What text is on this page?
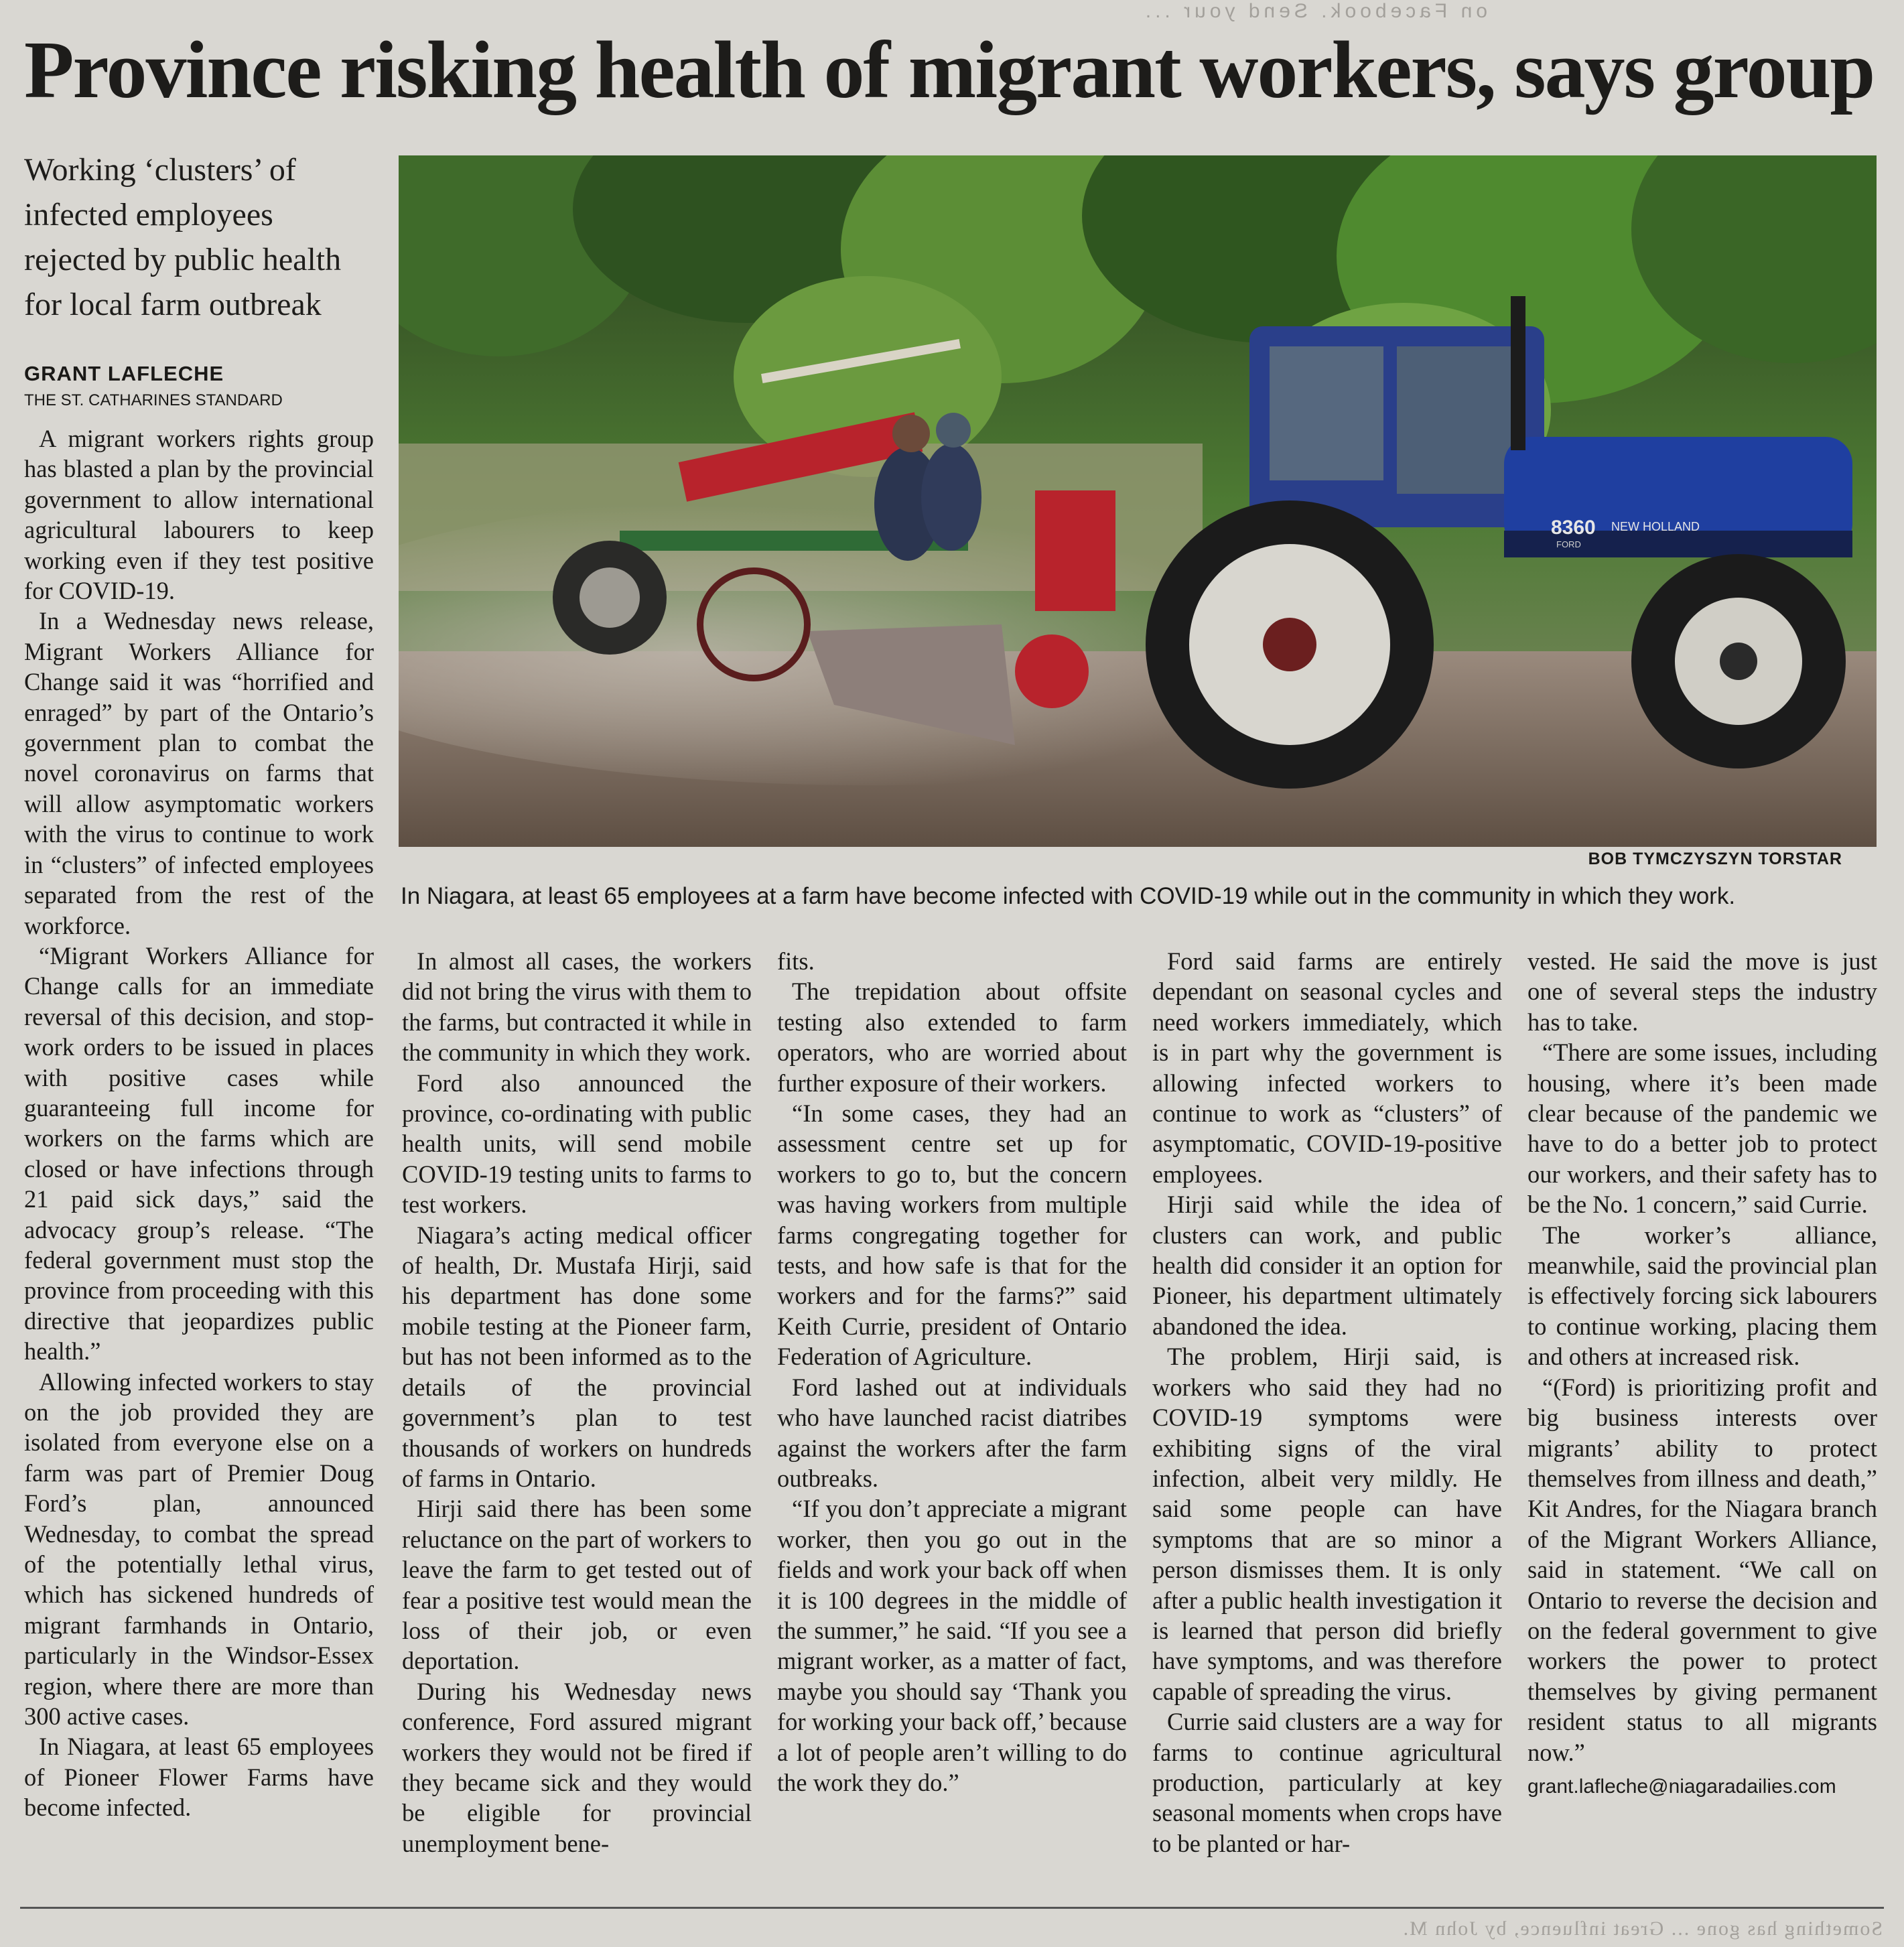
on Facebook. Send your ...
Province risking health of migrant workers, says group

Working ‘clusters’ of infected employees rejected by public health for local farm outbreak

GRANT LAFLECHE

THE ST. CATHARINES STANDARD

8360 NEW HOLLAND
FORD

BOB TYMCZYSZYN TORSTAR

In Niagara, at least 65 employees at a farm have become infected with COVID-19 while out in the community in which they work.

A migrant workers rights group has blasted a plan by the provincial government to allow international agricultural labourers to keep working even if they test positive for COVID-19.

In a Wednesday news release, Migrant Workers Alliance for Change said it was “horrified and enraged” by part of the Ontario’s government plan to combat the novel coronavirus on farms that will allow asymptomatic workers with the virus to continue to work in “clusters” of infected employees separated from the rest of the workforce.

“Migrant Workers Alliance for Change calls for an immediate reversal of this decision, and stop-work orders to be issued in places with positive cases while guaranteeing full income for workers on the farms which are closed or have infections through 21 paid sick days,” said the advocacy group’s release. “The federal government must stop the province from proceeding with this directive that jeopardizes public health.”

Allowing infected workers to stay on the job provided they are isolated from everyone else on a farm was part of Premier Doug Ford’s plan, announced Wednesday, to combat the spread of the potentially lethal virus, which has sickened hundreds of migrant farmhands in Ontario, particularly in the Windsor-Essex region, where there are more than 300 active cases.

In Niagara, at least 65 employees of Pioneer Flower Farms have become infected.

In almost all cases, the workers did not bring the virus with them to the farms, but contracted it while in the community in which they work.

Ford also announced the province, co-ordinating with public health units, will send mobile COVID-19 testing units to farms to test workers.

Niagara’s acting medical officer of health, Dr. Mustafa Hirji, said his department has done some mobile testing at the Pioneer farm, but has not been informed as to the details of the provincial government’s plan to test thousands of workers on hundreds of farms in Ontario.

Hirji said there has been some reluctance on the part of workers to leave the farm to get tested out of fear a positive test would mean the loss of their job, or even deportation.

During his Wednesday news conference, Ford assured migrant workers they would not be fired if they became sick and they would be eligible for provincial unemployment bene-

fits.

The trepidation about offsite testing also extended to farm operators, who are worried about further exposure of their workers.

“In some cases, they had an assessment centre set up for workers to go to, but the concern was having workers from multiple farms congregating together for tests, and how safe is that for the workers and for the farms?” said Keith Currie, president of Ontario Federation of Agriculture.

Ford lashed out at individuals who have launched racist diatribes against the workers after the farm outbreaks.

“If you don’t appreciate a migrant worker, then you go out in the fields and work your back off when it is 100 degrees in the middle of the summer,” he said. “If you see a migrant worker, as a matter of fact, maybe you should say ‘Thank you for working your back off,’ because a lot of people aren’t willing to do the work they do.”

Ford said farms are entirely dependant on seasonal cycles and need workers immediately, which is in part why the government is allowing infected workers to continue to work as “clusters” of asymptomatic, COVID-19-positive employees.

Hirji said while the idea of clusters can work, and public health did consider it an option for Pioneer, his department ultimately abandoned the idea.

The problem, Hirji said, is workers who said they had no COVID-19 symptoms were exhibiting signs of the viral infection, albeit very mildly. He said some people can have symptoms that are so minor a person dismisses them. It is only after a public health investigation it is learned that person did briefly have symptoms, and was therefore capable of spreading the virus.

Currie said clusters are a way for farms to continue agricultural production, particularly at key seasonal moments when crops have to be planted or har-

vested. He said the move is just one of several steps the industry has to take.

“There are some issues, including housing, where it’s been made clear because of the pandemic we have to do a better job to protect our workers, and their safety has to be the No. 1 concern,” said Currie.

The worker’s alliance, meanwhile, said the provincial plan is effectively forcing sick labourers to continue working, placing them and others at increased risk.

“(Ford) is prioritizing profit and big business interests over migrants’ ability to protect themselves from illness and death,” Kit Andres, for the Niagara branch of the Migrant Workers Alliance, said in statement. “We call on Ontario to reverse the decision and on the federal government to give workers the power to protect themselves by giving permanent resident status to all migrants now.”

grant.lafleche@niagaradailies.com

Something has gone ... Great influence, by John M.
